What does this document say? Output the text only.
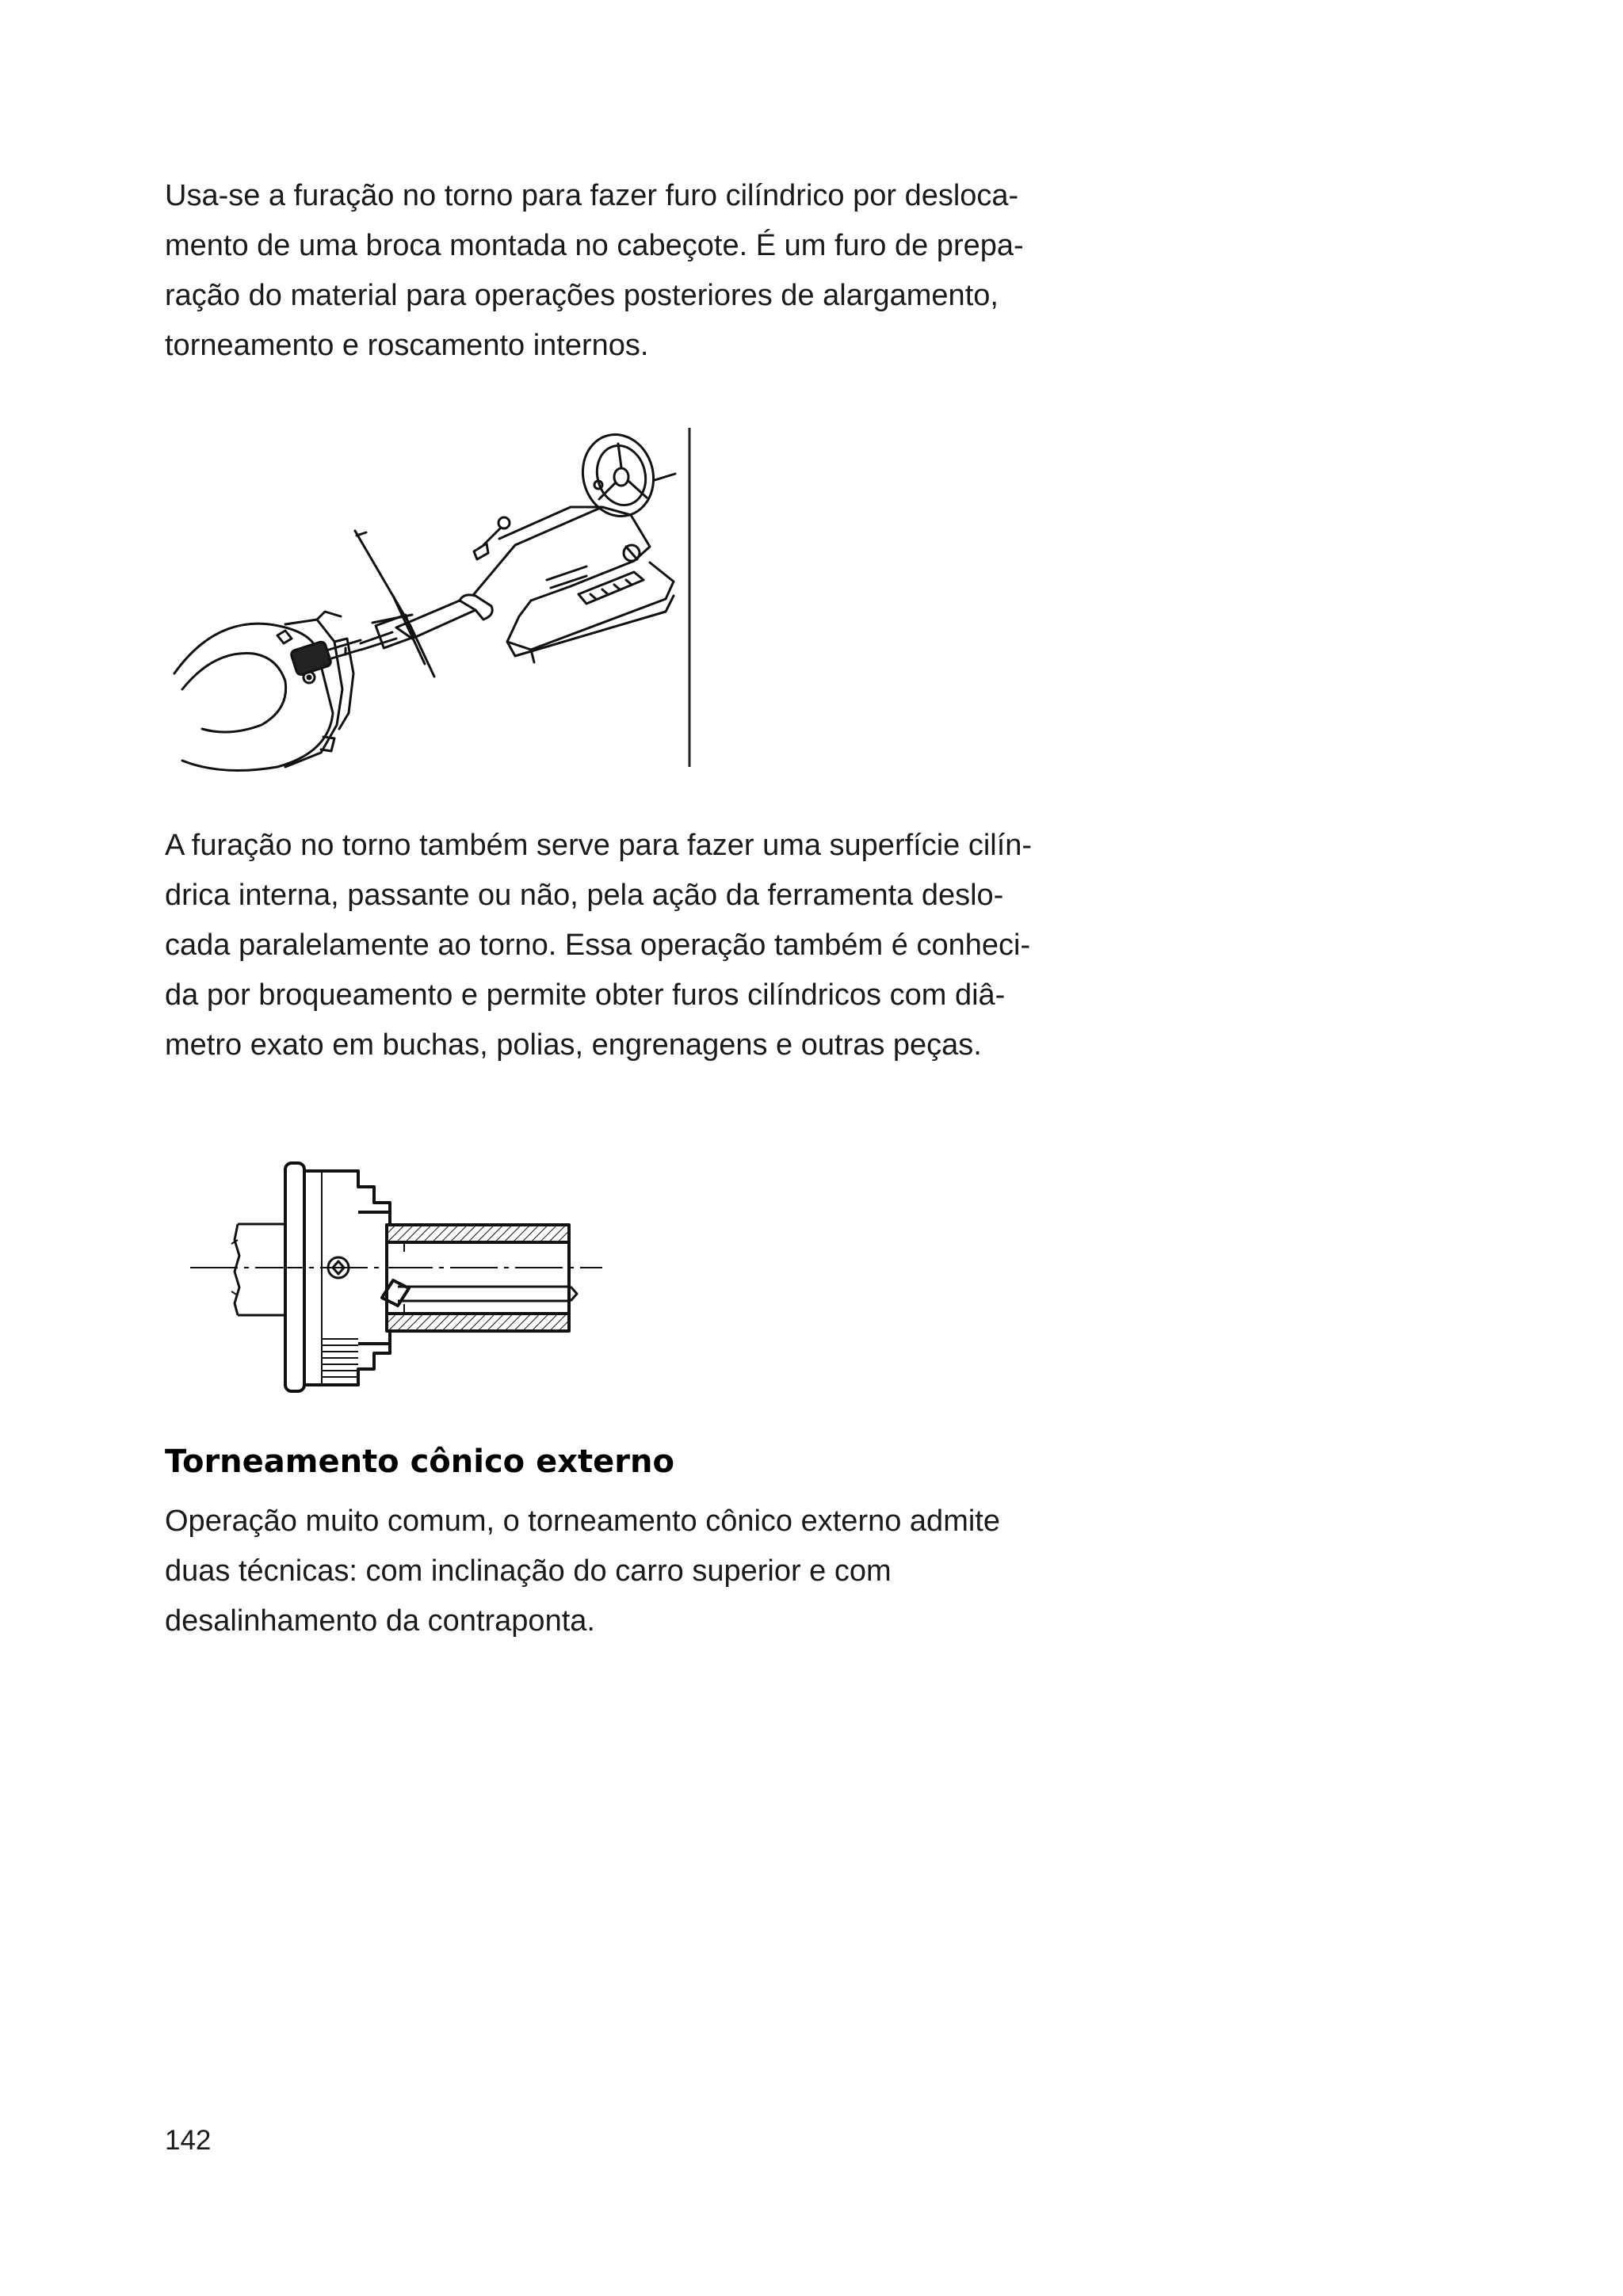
Usa-se a furação no torno para fazer furo cilíndrico por desloca-
mento de uma broca montada no cabeçote. É um furo de prepa-
ração do material para operações posteriores de alargamento,
torneamento e roscamento internos.

A furação no torno também serve para fazer uma superfície cilín-
drica interna, passante ou não, pela ação da ferramenta deslo-
cada paralelamente ao torno. Essa operação também é conheci-
da por broqueamento e permite obter furos cilíndricos com diâ-
metro exato em buchas, polias, engrenagens e outras peças.

Torneamento cônico externo

Operação muito comum, o torneamento cônico externo admite
duas técnicas: com inclinação do carro superior e com
desalinhamento da contraponta.

142
